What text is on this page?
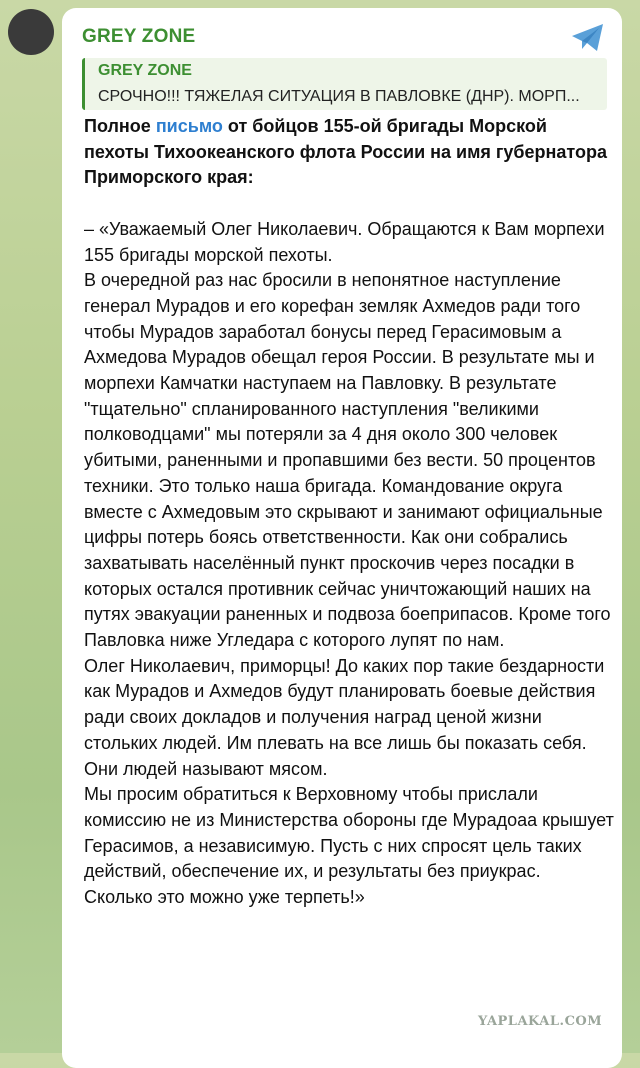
GREY ZONE
GREY ZONE
СРОЧНО!!! ТЯЖЕЛАЯ СИТУАЦИЯ В ПАВЛОВКЕ (ДНР). МОРП...

Полное письмо от бойцов 155-ой бригады Морской пехоты Тихоокеанского флота России на имя губернатора Приморского края:

– «Уважаемый Олег Николаевич. Обращаются к Вам морпехи 155 бригады морской пехоты.

В очередной раз нас бросили в непонятное наступление генерал Мурадов и его корефан земляк Ахмедов ради того чтобы Мурадов заработал бонусы перед Герасимовым а Ахмедова Мурадов обещал героя России. В результате мы и морпехи Камчатки наступаем на Павловку. В результате "тщательно" спланированного наступления "великими полководцами" мы потеряли за 4 дня около 300 человек убитыми, раненными и пропавшими без вести. 50 процентов техники. Это только наша бригада. Командование округа вместе с Ахмедовым это скрывают и занимают официальные цифры потерь боясь ответственности. Как они собрались захватывать населённый пункт проскочив через посадки в которых остался противник сейчас уничтожающий наших на путях эвакуации раненных и подвоза боеприпасов. Кроме того Павловка ниже Угледара с которого лупят по нам.

Олег Николаевич, приморцы! До каких пор такие бездарности как Мурадов и Ахмедов будут планировать боевые действия ради своих докладов и получения наград ценой жизни стольких людей. Им плевать на все лишь бы показать себя. Они людей называют мясом.

Мы просим обратиться к Верховному чтобы прислали комиссию не из Министерства обороны где Мурадоаа крышует Герасимов, а независимую. Пусть с них спросят цель таких действий, обеспечение их, и результаты без приукрас.

Сколько это можно уже терпеть!»

YAPLAKAL.COM
